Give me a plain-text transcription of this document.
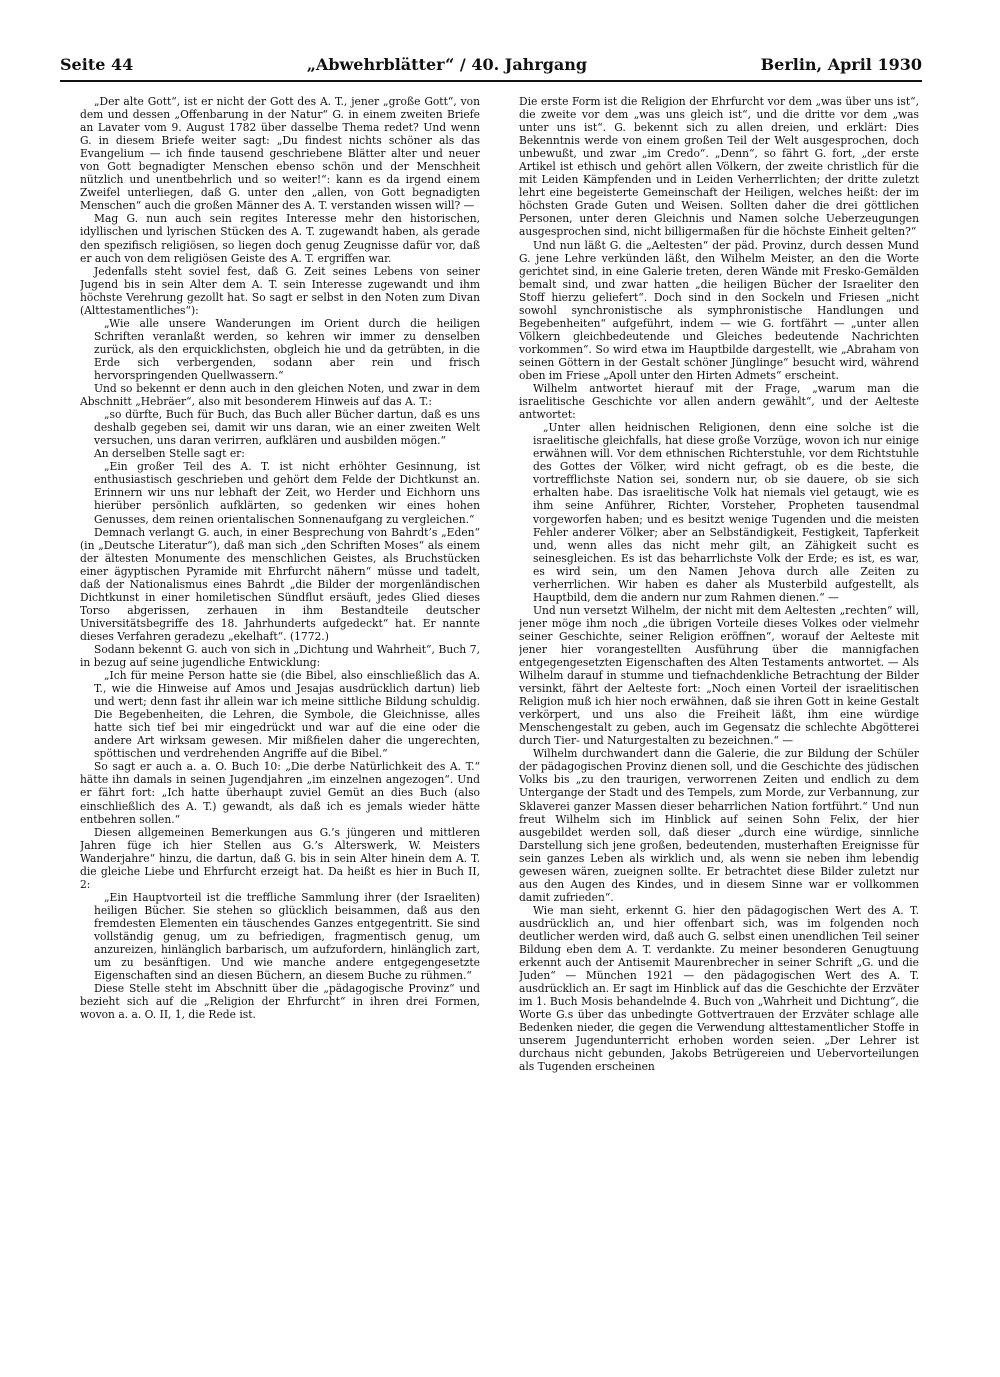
Seite 44	„Abwehrblätter“ / 40. Jahrgang	Berlin, April 1930

„Der alte Gott“, ist er nicht der Gott des A. T., jener „große Gott“, von dem und dessen „Offenbarung in der Natur“ G. in einem zweiten Briefe an Lavater vom 9. August 1782 über dasselbe Thema redet? Und wenn G. in diesem Briefe weiter sagt: „Du findest nichts schöner als das Evangelium — ich finde tausend geschriebene Blätter alter und neuer von Gott begnadigter Menschen ebenso schön und der Menschheit nützlich und unentbehrlich und so weiter!“: kann es da irgend einem Zweifel unterliegen, daß G. unter den „allen, von Gott begnadigten Menschen“ auch die großen Männer des A. T. verstanden wissen will? —

Mag G. nun auch sein regites Interesse mehr den historischen, idyllischen und lyrischen Stücken des A. T. zugewandt haben, als gerade den spezifisch religiösen, so liegen doch genug Zeugnisse dafür vor, daß er auch von dem religiösen Geiste des A. T. ergriffen war.

Jedenfalls steht soviel fest, daß G. Zeit seines Lebens von seiner Jugend bis in sein Alter dem A. T. sein Interesse zugewandt und ihm höchste Verehrung gezollt hat. So sagt er selbst in den Noten zum Divan (Alttestamentliches“):

„Wie alle unsere Wanderungen im Orient durch die heiligen Schriften veranlaßt werden, so kehren wir immer zu denselben zurück, als den erquicklichsten, obgleich hie und da getrübten, in die Erde sich verbergenden, sodann aber rein und frisch hervorspringenden Quellwassern.“

Und so bekennt er denn auch in den gleichen Noten, und zwar in dem Abschnitt „Hebräer“, also mit besonderem Hinweis auf das A. T.:

„so dürfte, Buch für Buch, das Buch aller Bücher dartun, daß es uns deshalb gegeben sei, damit wir uns daran, wie an einer zweiten Welt versuchen, uns daran verirren, aufklären und ausbilden mögen.“

An derselben Stelle sagt er:

„Ein großer Teil des A. T. ist nicht erhöhter Gesinnung, ist enthusiastisch geschrieben und gehört dem Felde der Dichtkunst an. Erinnern wir uns nur lebhaft der Zeit, wo Herder und Eichhorn uns hierüber persönlich aufklärten, so gedenken wir eines hohen Genusses, dem reinen orientalischen Sonnenaufgang zu vergleichen.“

Demnach verlangt G. auch, in einer Besprechung von Bahrdt’s „Eden“ (in „Deutsche Literatur“), daß man sich „den Schriften Moses“ als einem der ältesten Monumente des menschlichen Geistes, als Bruchstücken einer ägyptischen Pyramide mit Ehrfurcht nähern“ müsse und tadelt, daß der Nationalismus eines Bahrdt „die Bilder der morgenländischen Dichtkunst in einer homiletischen Sündflut ersäuft, jedes Glied dieses Torso abgerissen, zerhauen in ihm Bestandteile deutscher Universitätsbegriffe des 18. Jahrhunderts aufgedeckt“ hat. Er nannte dieses Verfahren geradezu „ekelhaft“. (1772.)

Sodann bekennt G. auch von sich in „Dichtung und Wahrheit“, Buch 7, in bezug auf seine jugendliche Entwicklung:

„Ich für meine Person hatte sie (die Bibel, also einschließlich das A. T., wie die Hinweise auf Amos und Jesajas ausdrücklich dartun) lieb und wert; denn fast ihr allein war ich meine sittliche Bildung schuldig. Die Begebenheiten, die Lehren, die Symbole, die Gleichnisse, alles hatte sich tief bei mir eingedrückt und war auf die eine oder die andere Art wirksam gewesen. Mir mißfielen daher die ungerechten, spöttischen und verdrehenden Angriffe auf die Bibel.“

So sagt er auch a. a. O. Buch 10: „Die derbe Natürlichkeit des A. T.“ hätte ihn damals in seinen Jugendjahren „im einzelnen angezogen“. Und er fährt fort: „Ich hatte überhaupt zuviel Gemüt an dies Buch (also einschließlich des A. T.) gewandt, als daß ich es jemals wieder hätte entbehren sollen.“

Diesen allgemeinen Bemerkungen aus G.’s jüngeren und mittleren Jahren füge ich hier Stellen aus G.’s Alterswerk, W. Meisters Wanderjahre“ hinzu, die dartun, daß G. bis in sein Alter hinein dem A. T. die gleiche Liebe und Ehrfurcht erzeigt hat. Da heißt es hier in Buch II, 2:

„Ein Hauptvorteil ist die treffliche Sammlung ihrer (der Israeliten) heiligen Bücher. Sie stehen so glücklich beisammen, daß aus den fremdesten Elementen ein täuschendes Ganzes entgegentritt. Sie sind vollständig genug, um zu befriedigen, fragmentisch genug, um anzureizen, hinlänglich barbarisch, um aufzufordern, hinlänglich zart, um zu besänftigen. Und wie manche andere entgegengesetzte Eigenschaften sind an diesen Büchern, an diesem Buche zu rühmen.“

Diese Stelle steht im Abschnitt über die „pädagogische Provinz“ und bezieht sich auf die „Religion der Ehrfurcht“ in ihren drei Formen, wovon a. a. O. II, 1, die Rede ist.

Die erste Form ist die Religion der Ehrfurcht vor dem „was über uns ist“, die zweite vor dem „was uns gleich ist“, und die dritte vor dem „was unter uns ist“. G. bekennt sich zu allen dreien, und erklärt: Dies Bekenntnis werde von einem großen Teil der Welt ausgesprochen, doch unbewußt, und zwar „im Credo“. „Denn“, so fährt G. fort, „der erste Artikel ist ethisch und gehört allen Völkern, der zweite christlich für die mit Leiden Kämpfenden und in Leiden Verherrlichten; der dritte zuletzt lehrt eine begeisterte Gemeinschaft der Heiligen, welches heißt: der im höchsten Grade Guten und Weisen. Sollten daher die drei göttlichen Personen, unter deren Gleichnis und Namen solche Ueberzeugungen ausgesprochen sind, nicht billigermaßen für die höchste Einheit gelten?“

Und nun läßt G. die „Aeltesten“ der päd. Provinz, durch dessen Mund G. jene Lehre verkünden läßt, den Wilhelm Meister, an den die Worte gerichtet sind, in eine Galerie treten, deren Wände mit Fresko-Gemälden bemalt sind, und zwar hatten „die heiligen Bücher der Israeliter den Stoff hierzu geliefert“. Doch sind in den Sockeln und Friesen „nicht sowohl synchronistische als symphronistische Handlungen und Begebenheiten“ aufgeführt, indem — wie G. fortfährt — „unter allen Völkern gleichbedeutende und Gleiches bedeutende Nachrichten vorkommen“. So wird etwa im Hauptbilde dargestellt, wie „Abraham von seinen Göttern in der Gestalt schöner Jünglinge“ besucht wird, während oben im Friese „Apoll unter den Hirten Admets“ erscheint.

Wilhelm antwortet hierauf mit der Frage, „warum man die israelitische Geschichte vor allen andern gewählt“, und der Aelteste antwortet:

„Unter allen heidnischen Religionen, denn eine solche ist die israelitische gleichfalls, hat diese große Vorzüge, wovon ich nur einige erwähnen will. Vor dem ethnischen Richterstuhle, vor dem Richtstuhle des Gottes der Völker, wird nicht gefragt, ob es die beste, die vortrefflichste Nation sei, sondern nur, ob sie dauere, ob sie sich erhalten habe. Das israelitische Volk hat niemals viel getaugt, wie es ihm seine Anführer, Richter, Vorsteher, Propheten tausendmal vorgeworfen haben; und es besitzt wenige Tugenden und die meisten Fehler anderer Völker; aber an Selbständigkeit, Festigkeit, Tapferkeit und, wenn alles das nicht mehr gilt, an Zähigkeit sucht es seinesgleichen. Es ist das beharrlichste Volk der Erde; es ist, es war, es wird sein, um den Namen Jehova durch alle Zeiten zu verherrlichen. Wir haben es daher als Musterbild aufgestellt, als Hauptbild, dem die andern nur zum Rahmen dienen.“ —

Und nun versetzt Wilhelm, der nicht mit dem Aeltesten „rechten“ will, jener möge ihm noch „die übrigen Vorteile dieses Volkes oder vielmehr seiner Geschichte, seiner Religion eröffnen“, worauf der Aelteste mit jener hier vorangestellten Ausführung über die mannigfachen entgegengesetzten Eigenschaften des Alten Testaments antwortet. — Als Wilhelm darauf in stumme und tiefnachdenkliche Betrachtung der Bilder versinkt, fährt der Aelteste fort: „Noch einen Vorteil der israelitischen Religion muß ich hier noch erwähnen, daß sie ihren Gott in keine Gestalt verkörpert, und uns also die Freiheit läßt, ihm eine würdige Menschengestalt zu geben, auch im Gegensatz die schlechte Abgötterei durch Tier- und Naturgestalten zu bezeichnen.“ —

Wilhelm durchwandert dann die Galerie, die zur Bildung der Schüler der pädagogischen Provinz dienen soll, und die Geschichte des jüdischen Volks bis „zu den traurigen, verworrenen Zeiten und endlich zu dem Untergange der Stadt und des Tempels, zum Morde, zur Verbannung, zur Sklaverei ganzer Massen dieser beharrlichen Nation fortführt.“ Und nun freut Wilhelm sich im Hinblick auf seinen Sohn Felix, der hier ausgebildet werden soll, daß dieser „durch eine würdige, sinnliche Darstellung sich jene großen, bedeutenden, musterhaften Ereignisse für sein ganzes Leben als wirklich und, als wenn sie neben ihm lebendig gewesen wären, zueignen sollte. Er betrachtet diese Bilder zuletzt nur aus den Augen des Kindes, und in diesem Sinne war er vollkommen damit zufrieden“.

Wie man sieht, erkennt G. hier den pädagogischen Wert des A. T. ausdrücklich an, und hier offenbart sich, was im folgenden noch deutlicher werden wird, daß auch G. selbst einen unendlichen Teil seiner Bildung eben dem A. T. verdankte. Zu meiner besonderen Genugtuung erkennt auch der Antisemit Maurenbrecher in seiner Schrift „G. und die Juden“ — München 1921 — den pädagogischen Wert des A. T. ausdrücklich an. Er sagt im Hinblick auf das die Geschichte der Erzväter im 1. Buch Mosis behandelnde 4. Buch von „Wahrheit und Dichtung“, die Worte G.s über das unbedingte Gottvertrauen der Erzväter schlage alle Bedenken nieder, die gegen die Verwendung alttestamentlicher Stoffe in unserem Jugendunterricht erhoben worden seien. „Der Lehrer ist durchaus nicht gebunden, Jakobs Betrügereien und Uebervorteilungen als Tugenden erscheinen
